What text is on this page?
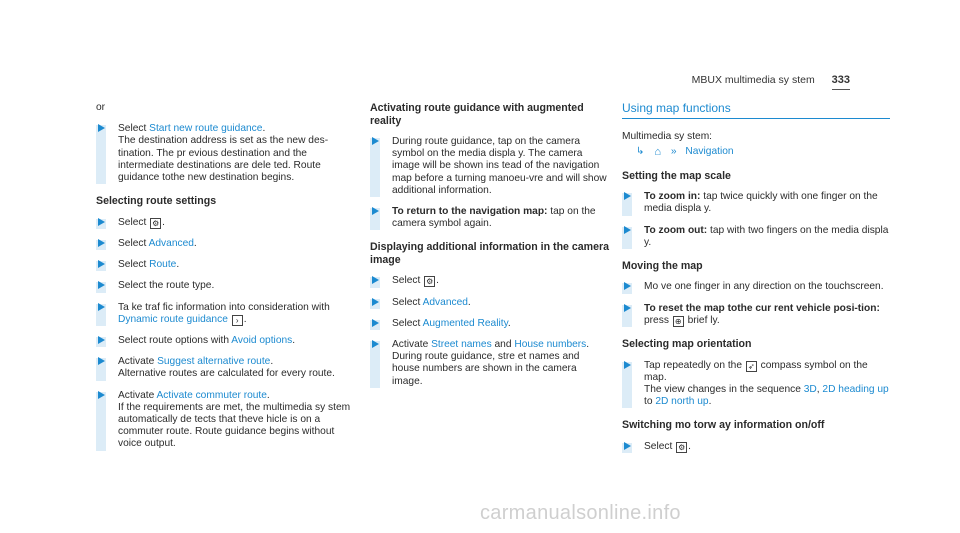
MBUX multimedia sy stem 333
or
Select Start new route guidance.
The destination address is set as the new des-tination. The pr evious destination and the intermediate destinations are dele ted. Route guidance tothe new destination begins.
Selecting route settings
Select ⚙ .
Select Advanced.
Select Route.
Select the route type.
Ta ke traf fic information into consideration with Dynamic route guidance › .
Select route options with Avoid options.
Activate Suggest alternative route.
Alternative routes are calculated for every route.
Activate Activate commuter route.
If the requirements are met, the multimedia sy stem automatically de tects that theve hicle is on a commuter route. Route guidance begins without voice output.
Activating route guidance with augmented reality
During route guidance, tap on the camera symbol on the media displa y. The camera image will be shown ins tead of the navigation map before a turning manoeu-vre and will show additional information.
To return to the navigation map: tap on the camera symbol again.
Displaying additional information in the camera image
Select ⚙ .
Select Advanced.
Select Augmented Reality.
Activate Street names and House numbers.
During route guidance, stre et names and house numbers are shown in the camera image.
Using map functions
Multimedia sy stem:
↳ ⌂ » Navigation
Setting the map scale
To zoom in: tap twice quickly with one finger on the media displa y.
To zoom out: tap with two fingers on the media displa y.
Moving the map
Mo ve one finger in any direction on the touchscreen.
To reset the map tothe cur rent vehicle posi-tion: press ⊕ brief ly.
Selecting map orientation
Tap repeatedly on the ➶ compass symbol on the map.
The view changes in the sequence 3D, 2D heading up to 2D north up.
Switching mo torw ay information on/off
Select ⚙ .
carmanualsonline.info
